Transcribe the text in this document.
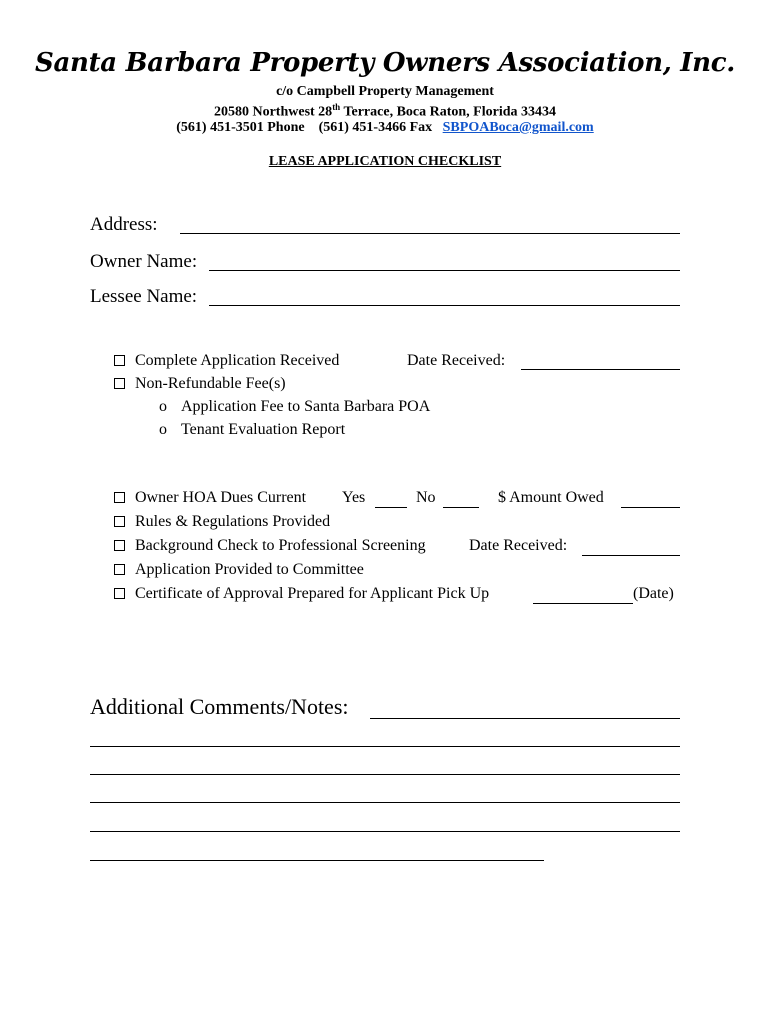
Santa Barbara Property Owners Association, Inc.
c/o Campbell Property Management
20580 Northwest 28th Terrace, Boca Raton, Florida 33434
(561) 451-3501 Phone (561) 451-3466 Fax SBPOABoca@gmail.com
LEASE APPLICATION CHECKLIST
Address:
Owner Name:
Lessee Name:
Complete Application Received	Date Received:
Non-Refundable Fee(s)
o Application Fee to Santa Barbara POA
o Tenant Evaluation Report
Owner HOA Dues Current Yes	No	$ Amount Owed
Rules & Regulations Provided
Background Check to Professional Screening	Date Received:
Application Provided to Committee
Certificate of Approval Prepared for Applicant Pick Up	(Date)
Additional Comments/Notes:
